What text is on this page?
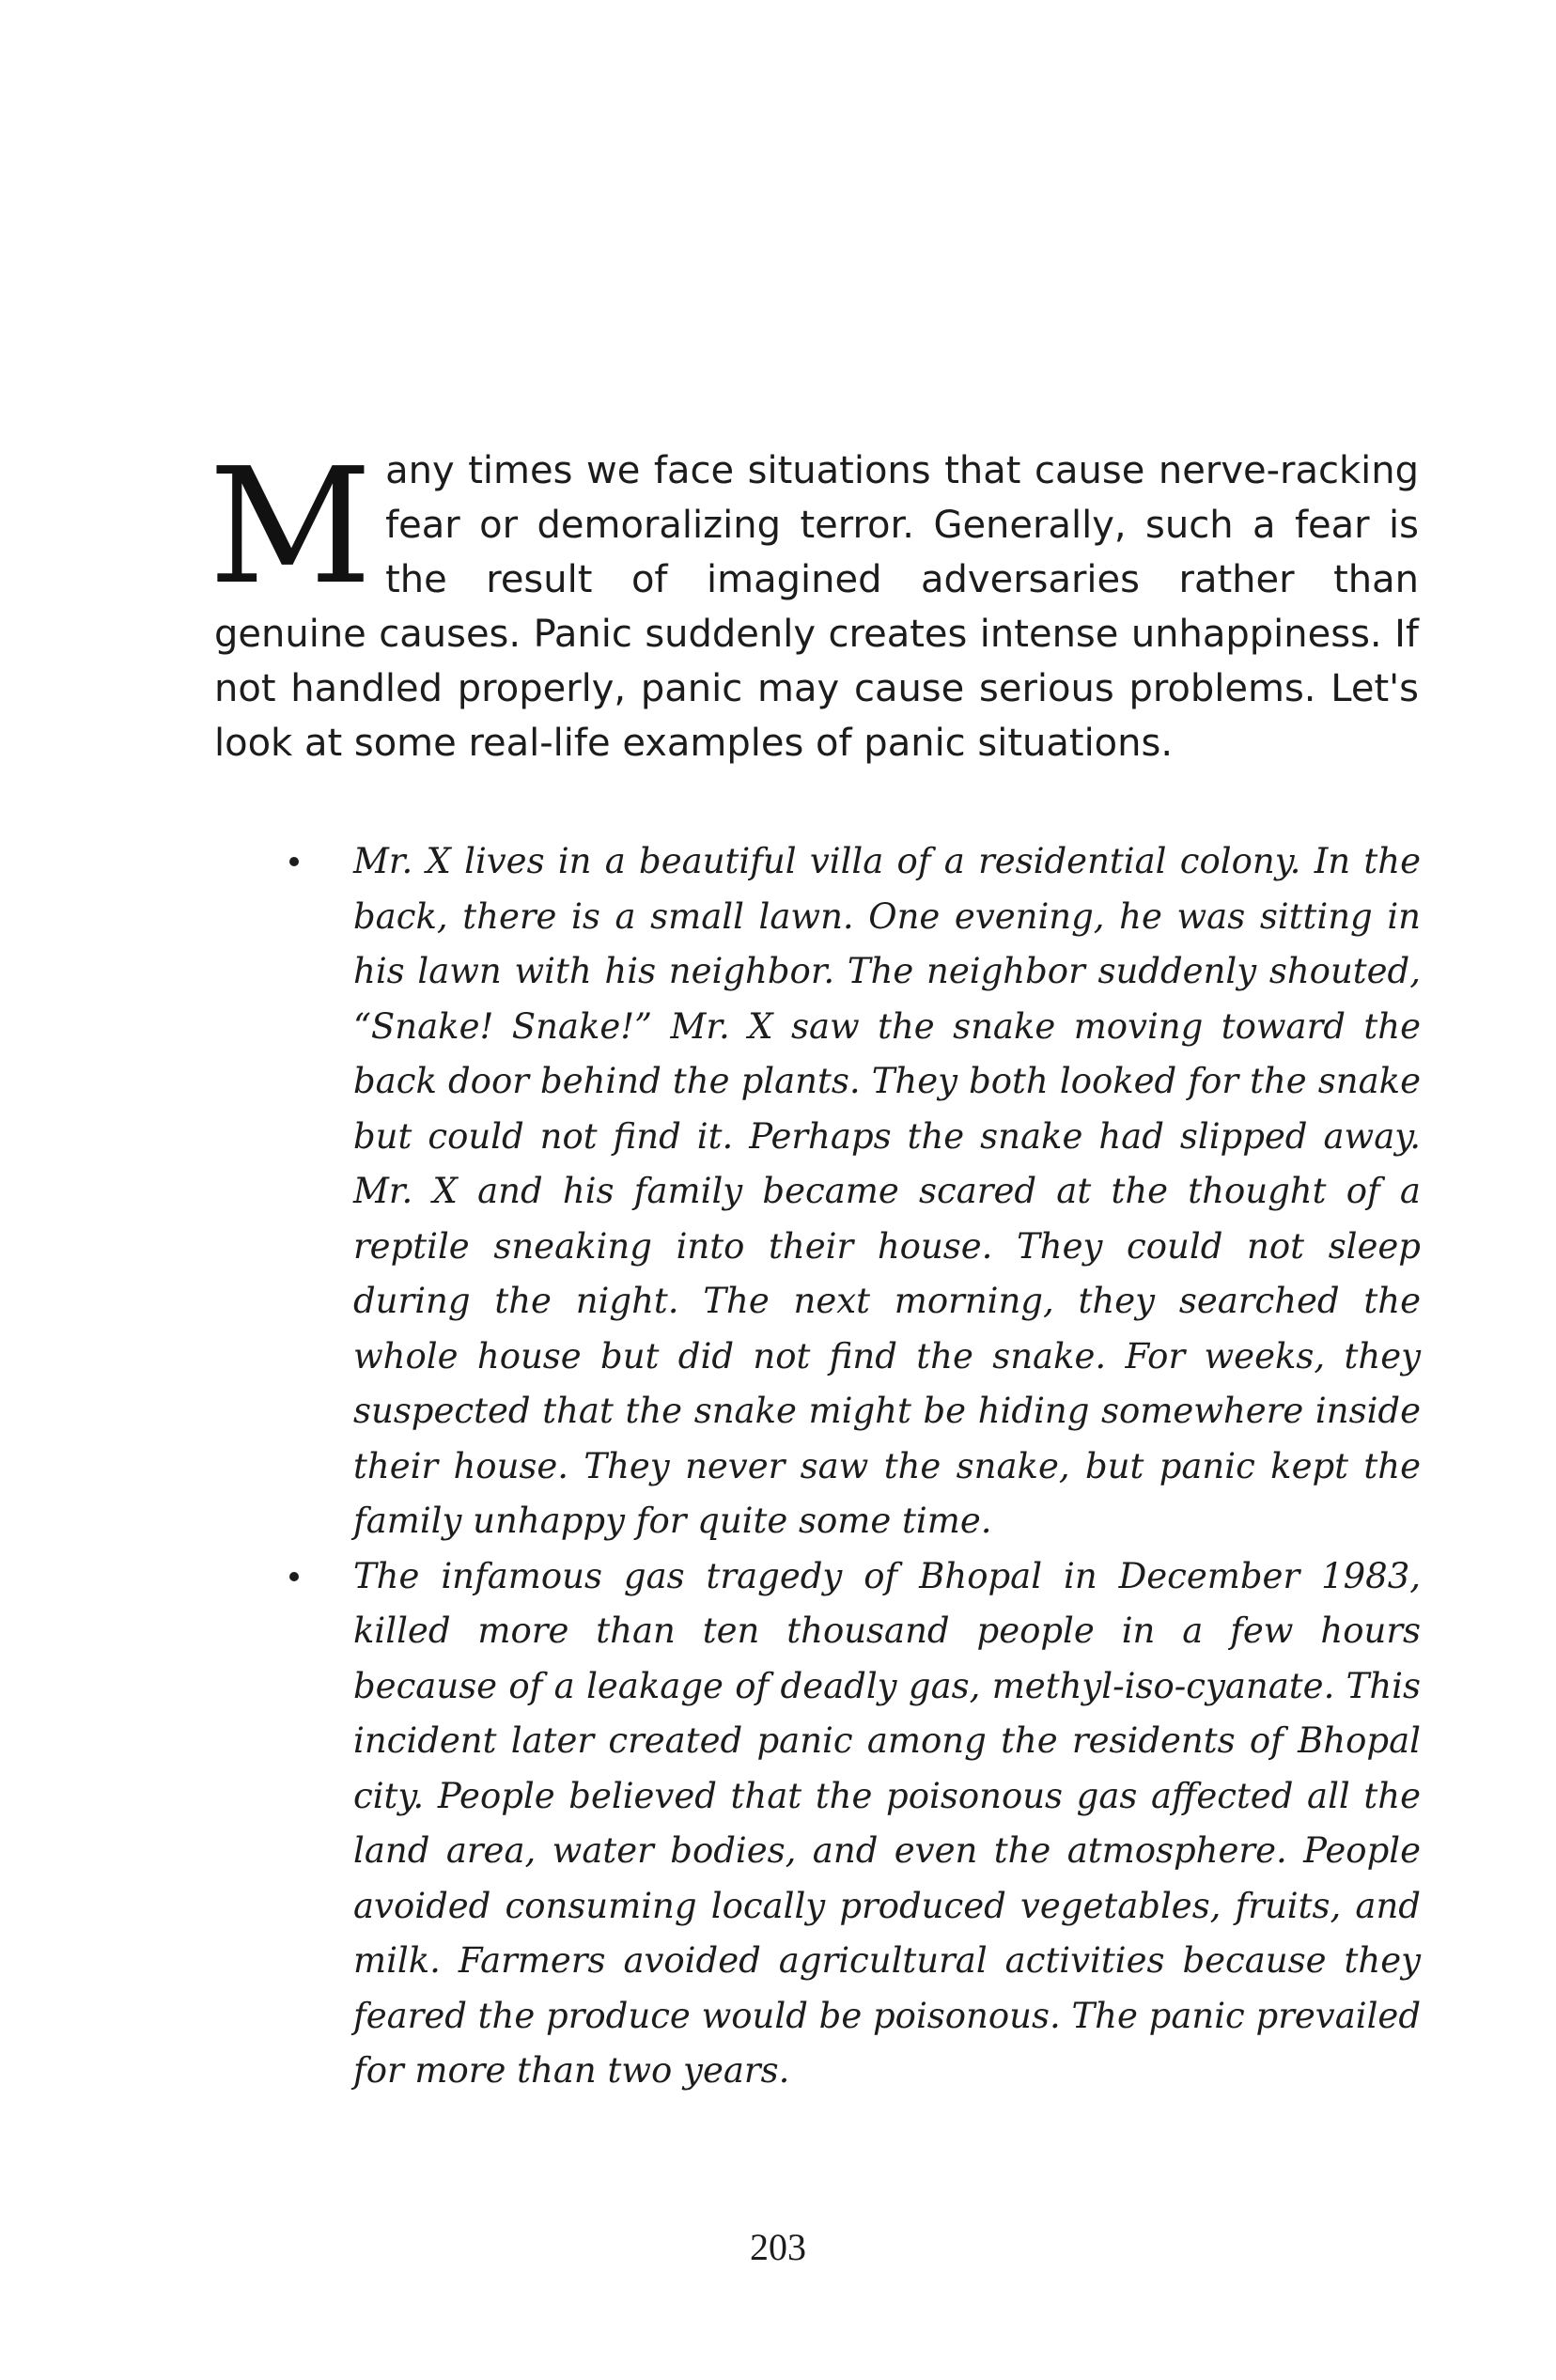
M any times we face situations that cause nerve-racking fear or demoralizing terror. Generally, such a fear is the result of imagined adversaries rather than genuine causes. Panic suddenly creates intense unhappiness. If not handled properly, panic may cause serious problems. Let's look at some real-life examples of panic situations.
Mr. X lives in a beautiful villa of a residential colony. In the back, there is a small lawn. One evening, he was sitting in his lawn with his neighbor. The neighbor suddenly shouted, “Snake! Snake!” Mr. X saw the snake moving toward the back door behind the plants. They both looked for the snake but could not find it. Perhaps the snake had slipped away. Mr. X and his family became scared at the thought of a reptile sneaking into their house. They could not sleep during the night. The next morning, they searched the whole house but did not find the snake. For weeks, they suspected that the snake might be hiding somewhere inside their house. They never saw the snake, but panic kept the family unhappy for quite some time.
The infamous gas tragedy of Bhopal in December 1983, killed more than ten thousand people in a few hours because of a leakage of deadly gas, methyl-iso-cyanate. This incident later created panic among the residents of Bhopal city. People believed that the poisonous gas affected all the land area, water bodies, and even the atmosphere. People avoided consuming locally produced vegetables, fruits, and milk. Farmers avoided agricultural activities because they feared the produce would be poisonous. The panic prevailed for more than two years.
203
